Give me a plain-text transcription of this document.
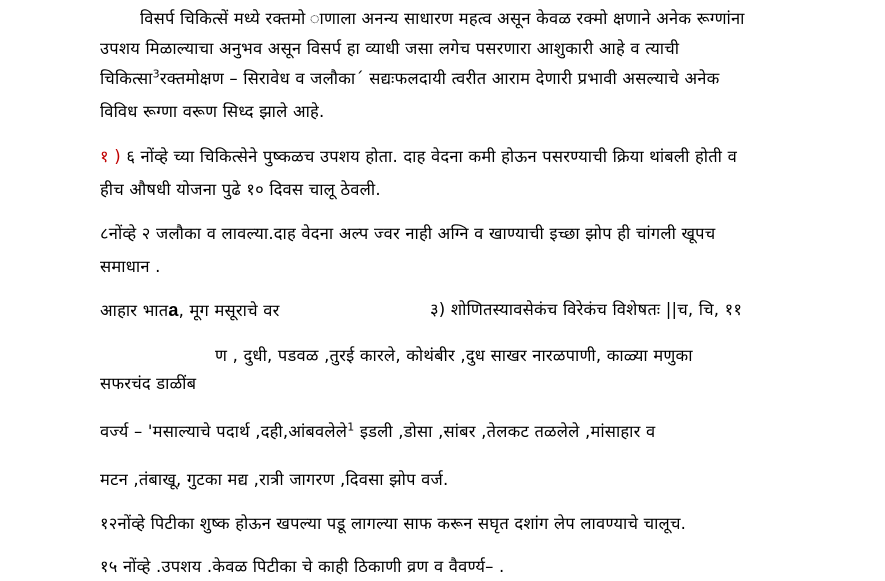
विसर्प चिकित्सें मध्ये रक्तमो ाणाला अनन्य साधारण महत्व असून केवळ रक्मो क्षणाने अनेक रूग्णांना
उपशय मिळाल्याचा अनुभव असून विसर्प हा व्याधी जसा लगेच पसरणारा आशुकारी आहे व त्याची
चिकित्सा$^3$रक्तमोक्षण – सिरावेध व जलौका´ सद्यःफलदायी त्वरीत आराम देणारी प्रभावी असल्याचे अनेक
विविध रूग्णा वरूण सिध्द झाले आहे.
१ ) ६ नोंव्हे च्या चिकित्सेने पुष्कळच उपशय होता. दाह वेदना कमी होऊन पसरण्याची क्रिया थांबली होती व
हीच औषधी योजना पुढे १० दिवस चालू ठेवली.
८नोंव्हे २ जलौका व लावल्या.दाह वेदना अल्प ज्वर नाही अग्नि व खाण्याची इच्छा झोप ही चांगली खूपच
समाधान .
आहार भातa, मूग मसूराचे वर	३) शोणितस्यावसेकंच विरेकंच विशेषतः ||च, चि, ११
ण , दुधी, पडवळ ,तुरई कारले, कोथंबीर ,दुध साखर नारळपाणी, काळ्या मणुका
सफरचंद डाळींब
वर्ज्य – 'मसाल्याचे पदार्थ ,दही,आंबवलेले$^1$ इडली ,डोसा ,सांबर ,तेलकट तळलेले ,मांसाहार व
मटन ,तंबाखू, गुटका मद्य ,रात्री जागरण ,दिवसा झोप वर्ज.
१२नोंव्हे पिटीका शुष्क होऊन खपल्या पडू लागल्या साफ करून सघृत दशांग लेप लावण्याचे चालूच.
१५ नोंव्हे .उपशय .केवळ पिटीका चे काही ठिकाणी व्रण व वैवर्ण्य– .
